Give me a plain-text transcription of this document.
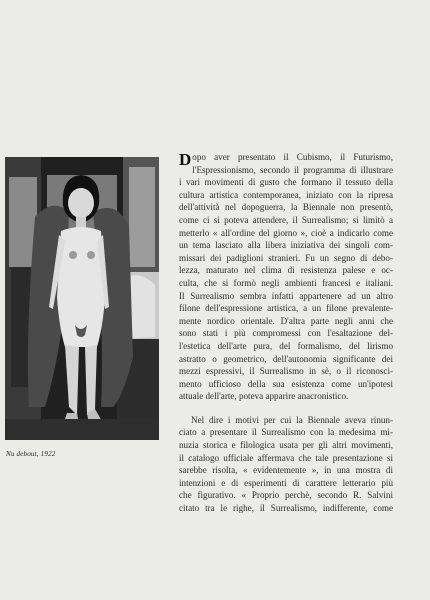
Nu debout, 1922

D opo aver presentato il Cubismo, il Futurismo,
l'Espressionismo, secondo il programma di illustrare
i vari movimenti di gusto che formano il tessuto della
cultura artistica contemporanea, iniziato con la ripresa
dell'attività nel dopoguerra, la Biennale non presentò,
come ci si poteva attendere, il Surrealismo; si limitò a
metterlo « all'ordine del giorno », cioè a indicarlo come
un tema lasciato alla libera iniziativa dei singoli com-
missari dei padiglioni stranieri. Fu un segno di debo-
lezza, maturato nel clima di resistenza palese e oc-
culta, che si formò negli ambienti francesi e italiani.
Il Surrealismo sembra infatti appartenere ad un altro
filone dell'espressione artistica, a un filone prevalente-
mente nordico orientale. D'altra parte negli anni che
sono stati i più compromessi con l'esaltazione del-
l'estetica dell'arte pura, del formalismo, del lirismo
astratto o geometrico, dell'autonomia significante dei
mezzi espressivi, il Surrealismo in sè, o il riconosci-
mento ufficioso della sua esistenza come un'ipotesi
attuale dell'arte, poteva apparire anacronistico.

Nel dire i motivi per cui la Biennale aveva rinun-
ciato a presentare il Surrealismo con la medesima mi-
nuzia storica e filologica usata per gli altri movimenti,
il catalogo ufficiale affermava che tale presentazione si
sarebbe risolta, « evidentemente », in una mostra di
intenzioni e di esperimenti di carattere letterario più
che figurativo. « Proprio perchè, secondo R. Salvini
citato tra le righe, il Surrealismo, indifferente, come
